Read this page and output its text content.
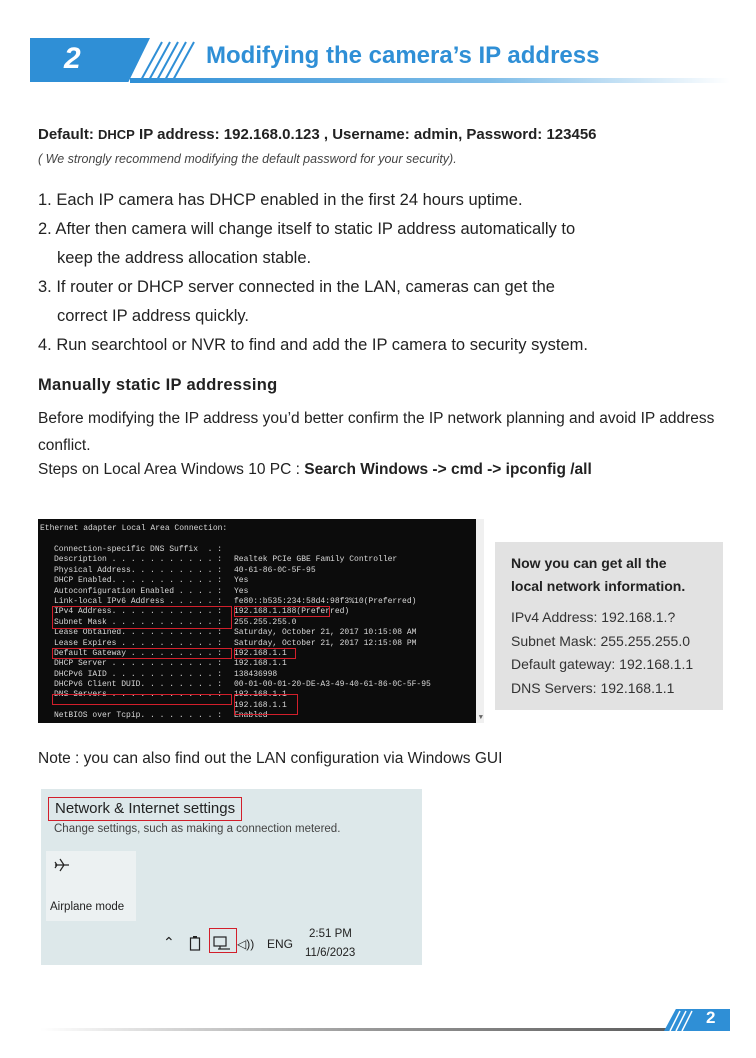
2	Modifying the camera’s IP address
Default: DHCP IP address: 192.168.0.123 , Username: admin, Password: 123456
( We strongly recommend modifying the default password for your security).
1. Each IP camera has DHCP enabled in the first 24 hours uptime.
2. After then camera will change itself to static IP address automatically to
keep the address allocation stable.
3. If router or DHCP server connected in the LAN, cameras can get the
correct IP address quickly.
4. Run searchtool or NVR to find and add the IP camera to security system.
Manually static IP addressing
Before modifying the IP address you’d better confirm the IP network planning and avoid IP address conflict.
Steps on Local Area Windows 10 PC : Search Windows -> cmd -> ipconfig /all
Ethernet adapter Local Area Connection:
Connection-specific DNS Suffix  . :
Description . . . . . . . . . . . : Realtek PCIe GBE Family Controller
Physical Address. . . . . . . . . : 40-61-86-0C-5F-95
DHCP Enabled. . . . . . . . . . . : Yes
Autoconfiguration Enabled . . . . : Yes
Link-local IPv6 Address . . . . . : fe80::b535:234:58d4:98f3%10(Preferred)
IPv4 Address. . . . . . . . . . . : 192.168.1.188(Preferred)
Subnet Mask . . . . . . . . . . . : 255.255.255.0
Lease Obtained. . . . . . . . . . : Saturday, October 21, 2017 10:15:08 AM
Lease Expires . . . . . . . . . . : Saturday, October 21, 2017 12:15:08 PM
Default Gateway . . . . . . . . . : 192.168.1.1
DHCP Server . . . . . . . . . . . : 192.168.1.1
DHCPv6 IAID . . . . . . . . . . . : 138436998
DHCPv6 Client DUID. . . . . . . . : 00-01-00-01-20-DE-A3-49-40-61-86-0C-5F-95
DNS Servers . . . . . . . . . . . : 192.168.1.1
192.168.1.1
NetBIOS over Tcpip. . . . . . . . : Enabled	▼
Now you can get all the
local network information.
IPv4 Address: 192.168.1.?
Subnet Mask: 255.255.255.0
Default gateway: 192.168.1.1
DNS Servers: 192.168.1.1
Note : you can also find out the LAN configuration via Windows GUI
Network & Internet settings
Change settings, such as making a connection metered.
Airplane mode
⌃	◁)) ENG
2:51 PM
11/6/2023
2
